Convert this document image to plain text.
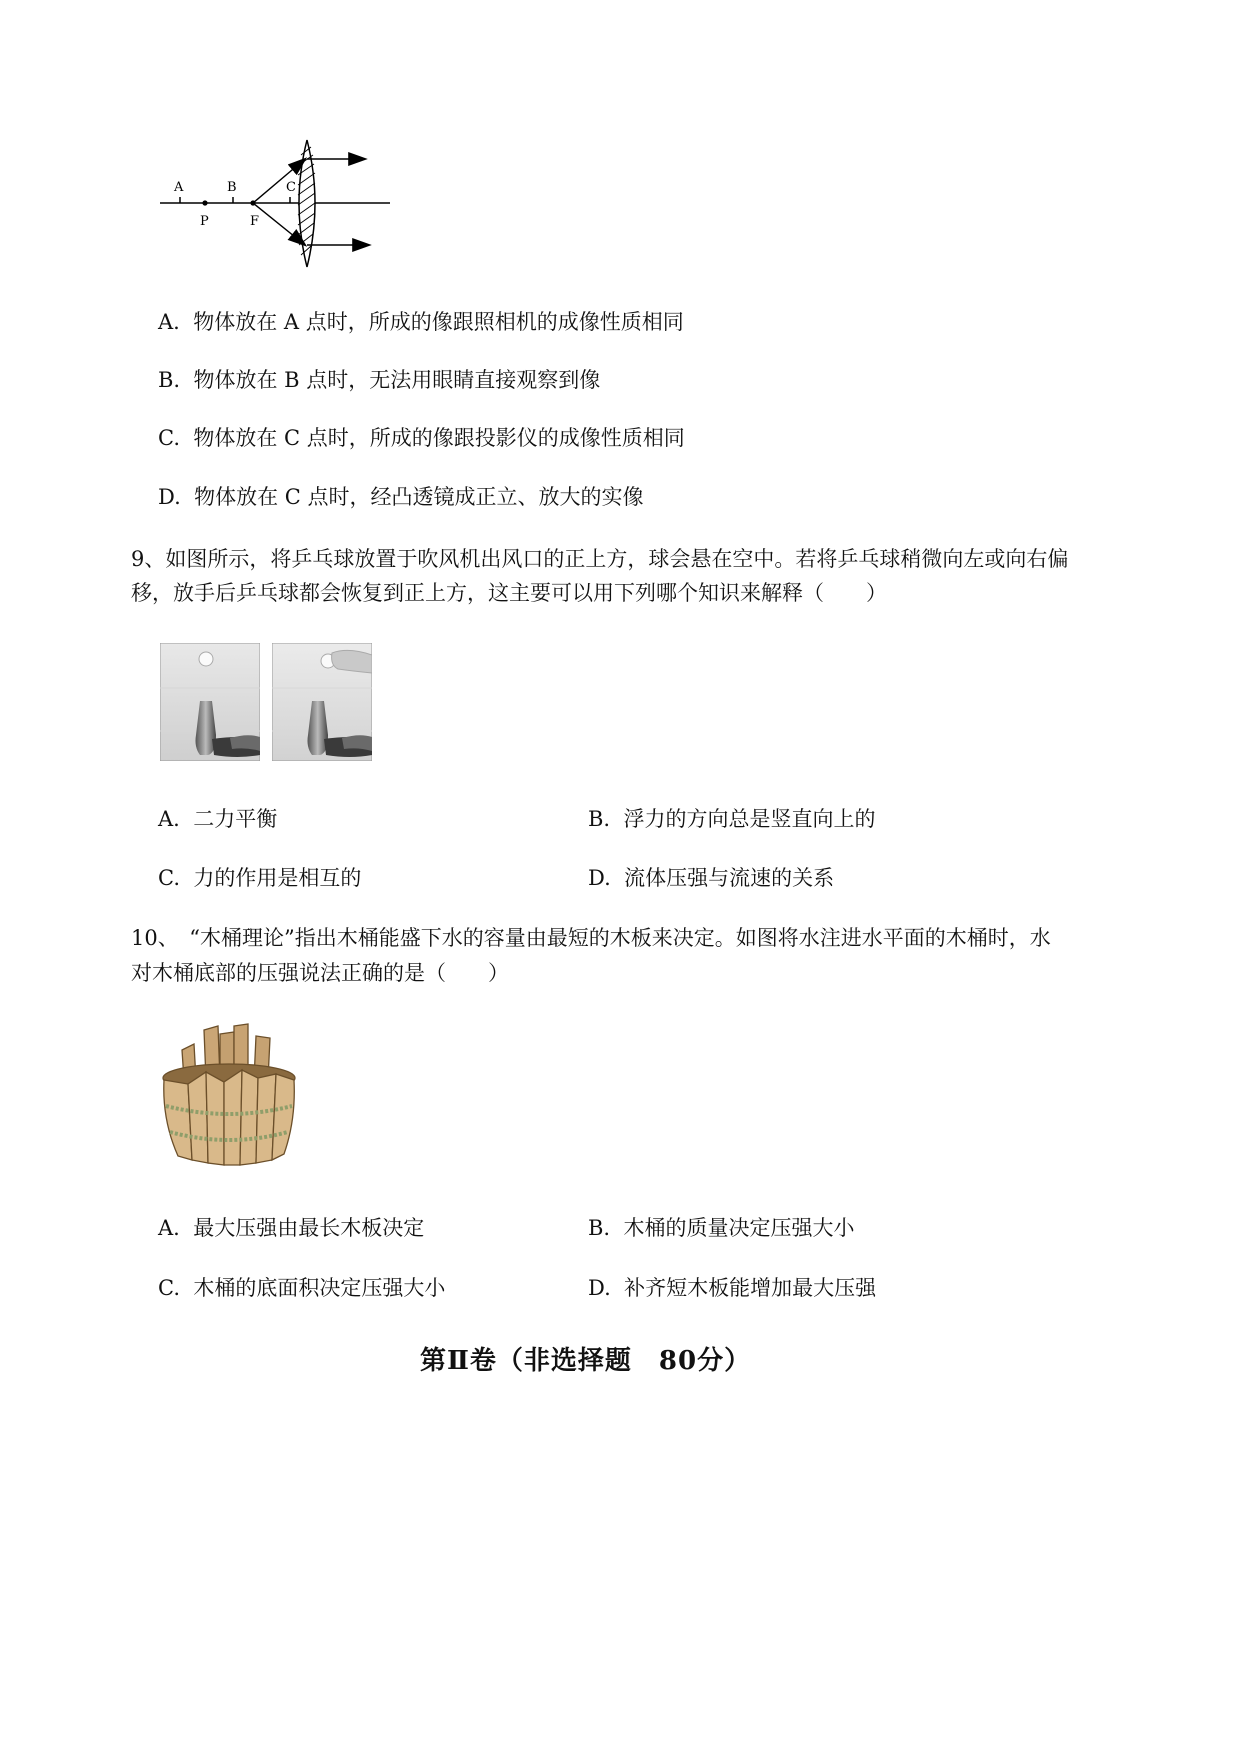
A	B	C
P	F
A. 物体放在 A 点时，所成的像跟照相机的成像性质相同
B. 物体放在 B 点时，无法用眼睛直接观察到像
C. 物体放在 C 点时，所成的像跟投影仪的成像性质相同
D. 物体放在 C 点时，经凸透镜成正立、放大的实像
9、如图所示，将乒乓球放置于吹风机出风口的正上方，球会悬在空中。若将乒乓球稍微向左或向右偏
移，放手后乒乓球都会恢复到正上方，这主要可以用下列哪个知识来解释（　　）
A. 二力平衡	B. 浮力的方向总是竖直向上的
C. 力的作用是相互的	D. 流体压强与流速的关系
10、　“木桶理论”指出木桶能盛下水的容量由最短的木板来决定。如图将水注进水平面的木桶时，水
对木桶底部的压强说法正确的是（　　）
A. 最大压强由最长木板决定	B. 木桶的质量决定压强大小
C. 木桶的底面积决定压强大小	D. 补齐短木板能增加最大压强
第Ⅱ卷（非选择题　80分）
